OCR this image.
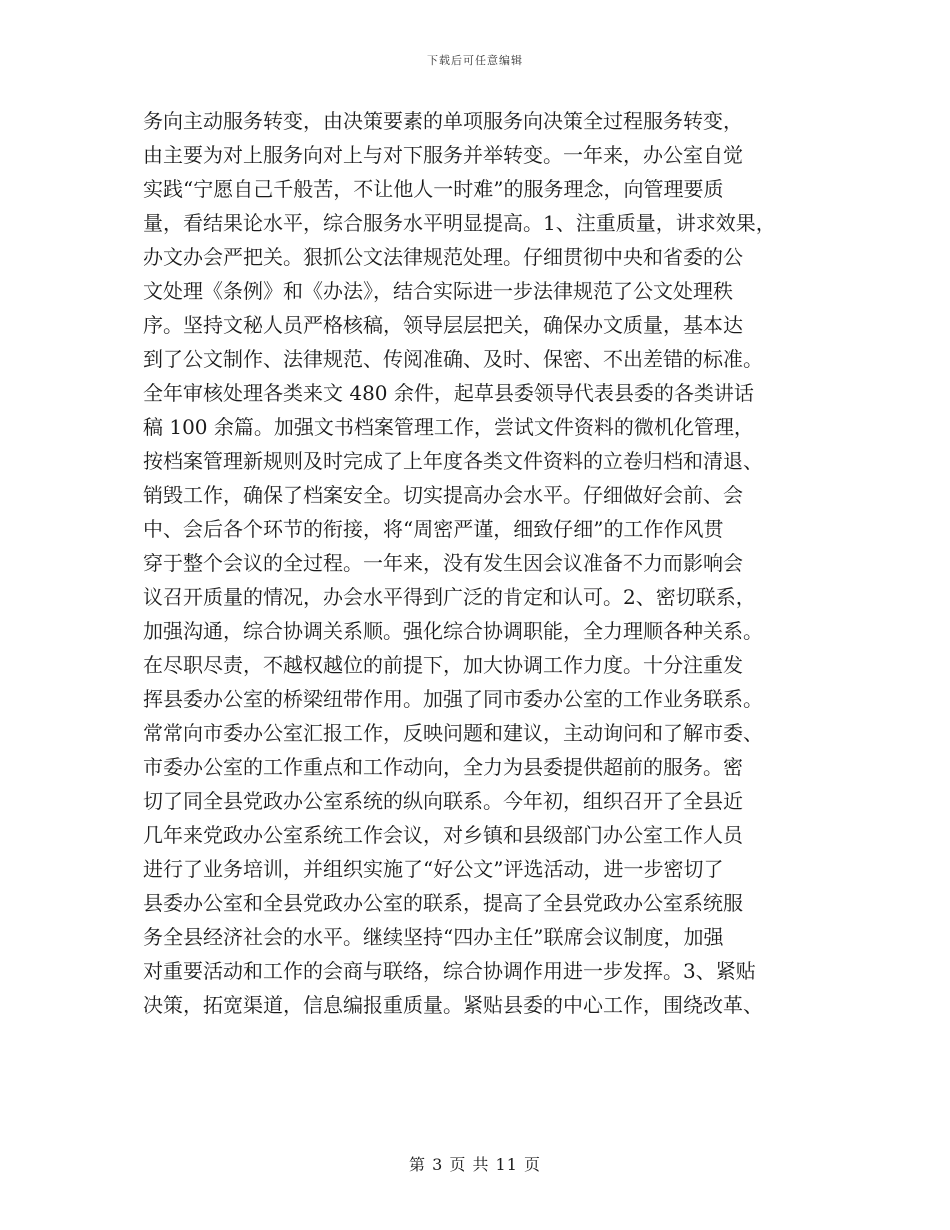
下载后可任意编辑
务向主动服务转变，由决策要素的单项服务向决策全过程服务转变，
由主要为对上服务向对上与对下服务并举转变。一年来，办公室自觉
实践“宁愿自己千般苦，不让他人一时难”的服务理念，向管理要质
量，看结果论水平，综合服务水平明显提高。1、注重质量，讲求效果，
办文办会严把关。狠抓公文法律规范处理。仔细贯彻中央和省委的公
文处理《条例》和《办法》，结合实际进一步法律规范了公文处理秩
序。坚持文秘人员严格核稿，领导层层把关，确保办文质量，基本达
到了公文制作、法律规范、传阅准确、及时、保密、不出差错的标准。
全年审核处理各类来文 480 余件，起草县委领导代表县委的各类讲话
稿 100 余篇。加强文书档案管理工作，尝试文件资料的微机化管理，
按档案管理新规则及时完成了上年度各类文件资料的立卷归档和清退、
销毁工作，确保了档案安全。切实提高办会水平。仔细做好会前、会
中、会后各个环节的衔接，将“周密严谨，细致仔细”的工作作风贯
穿于整个会议的全过程。一年来，没有发生因会议准备不力而影响会
议召开质量的情况，办会水平得到广泛的肯定和认可。2、密切联系，
加强沟通，综合协调关系顺。强化综合协调职能，全力理顺各种关系。
在尽职尽责，不越权越位的前提下，加大协调工作力度。十分注重发
挥县委办公室的桥梁纽带作用。加强了同市委办公室的工作业务联系。
常常向市委办公室汇报工作，反映问题和建议，主动询问和了解市委、
市委办公室的工作重点和工作动向，全力为县委提供超前的服务。密
切了同全县党政办公室系统的纵向联系。今年初，组织召开了全县近
几年来党政办公室系统工作会议，对乡镇和县级部门办公室工作人员
进行了业务培训，并组织实施了“好公文”评选活动，进一步密切了
县委办公室和全县党政办公室的联系，提高了全县党政办公室系统服
务全县经济社会的水平。继续坚持“四办主任”联席会议制度，加强
对重要活动和工作的会商与联络，综合协调作用进一步发挥。3、紧贴
决策，拓宽渠道，信息编报重质量。紧贴县委的中心工作，围绕改革、
第 3 页 共 11 页
